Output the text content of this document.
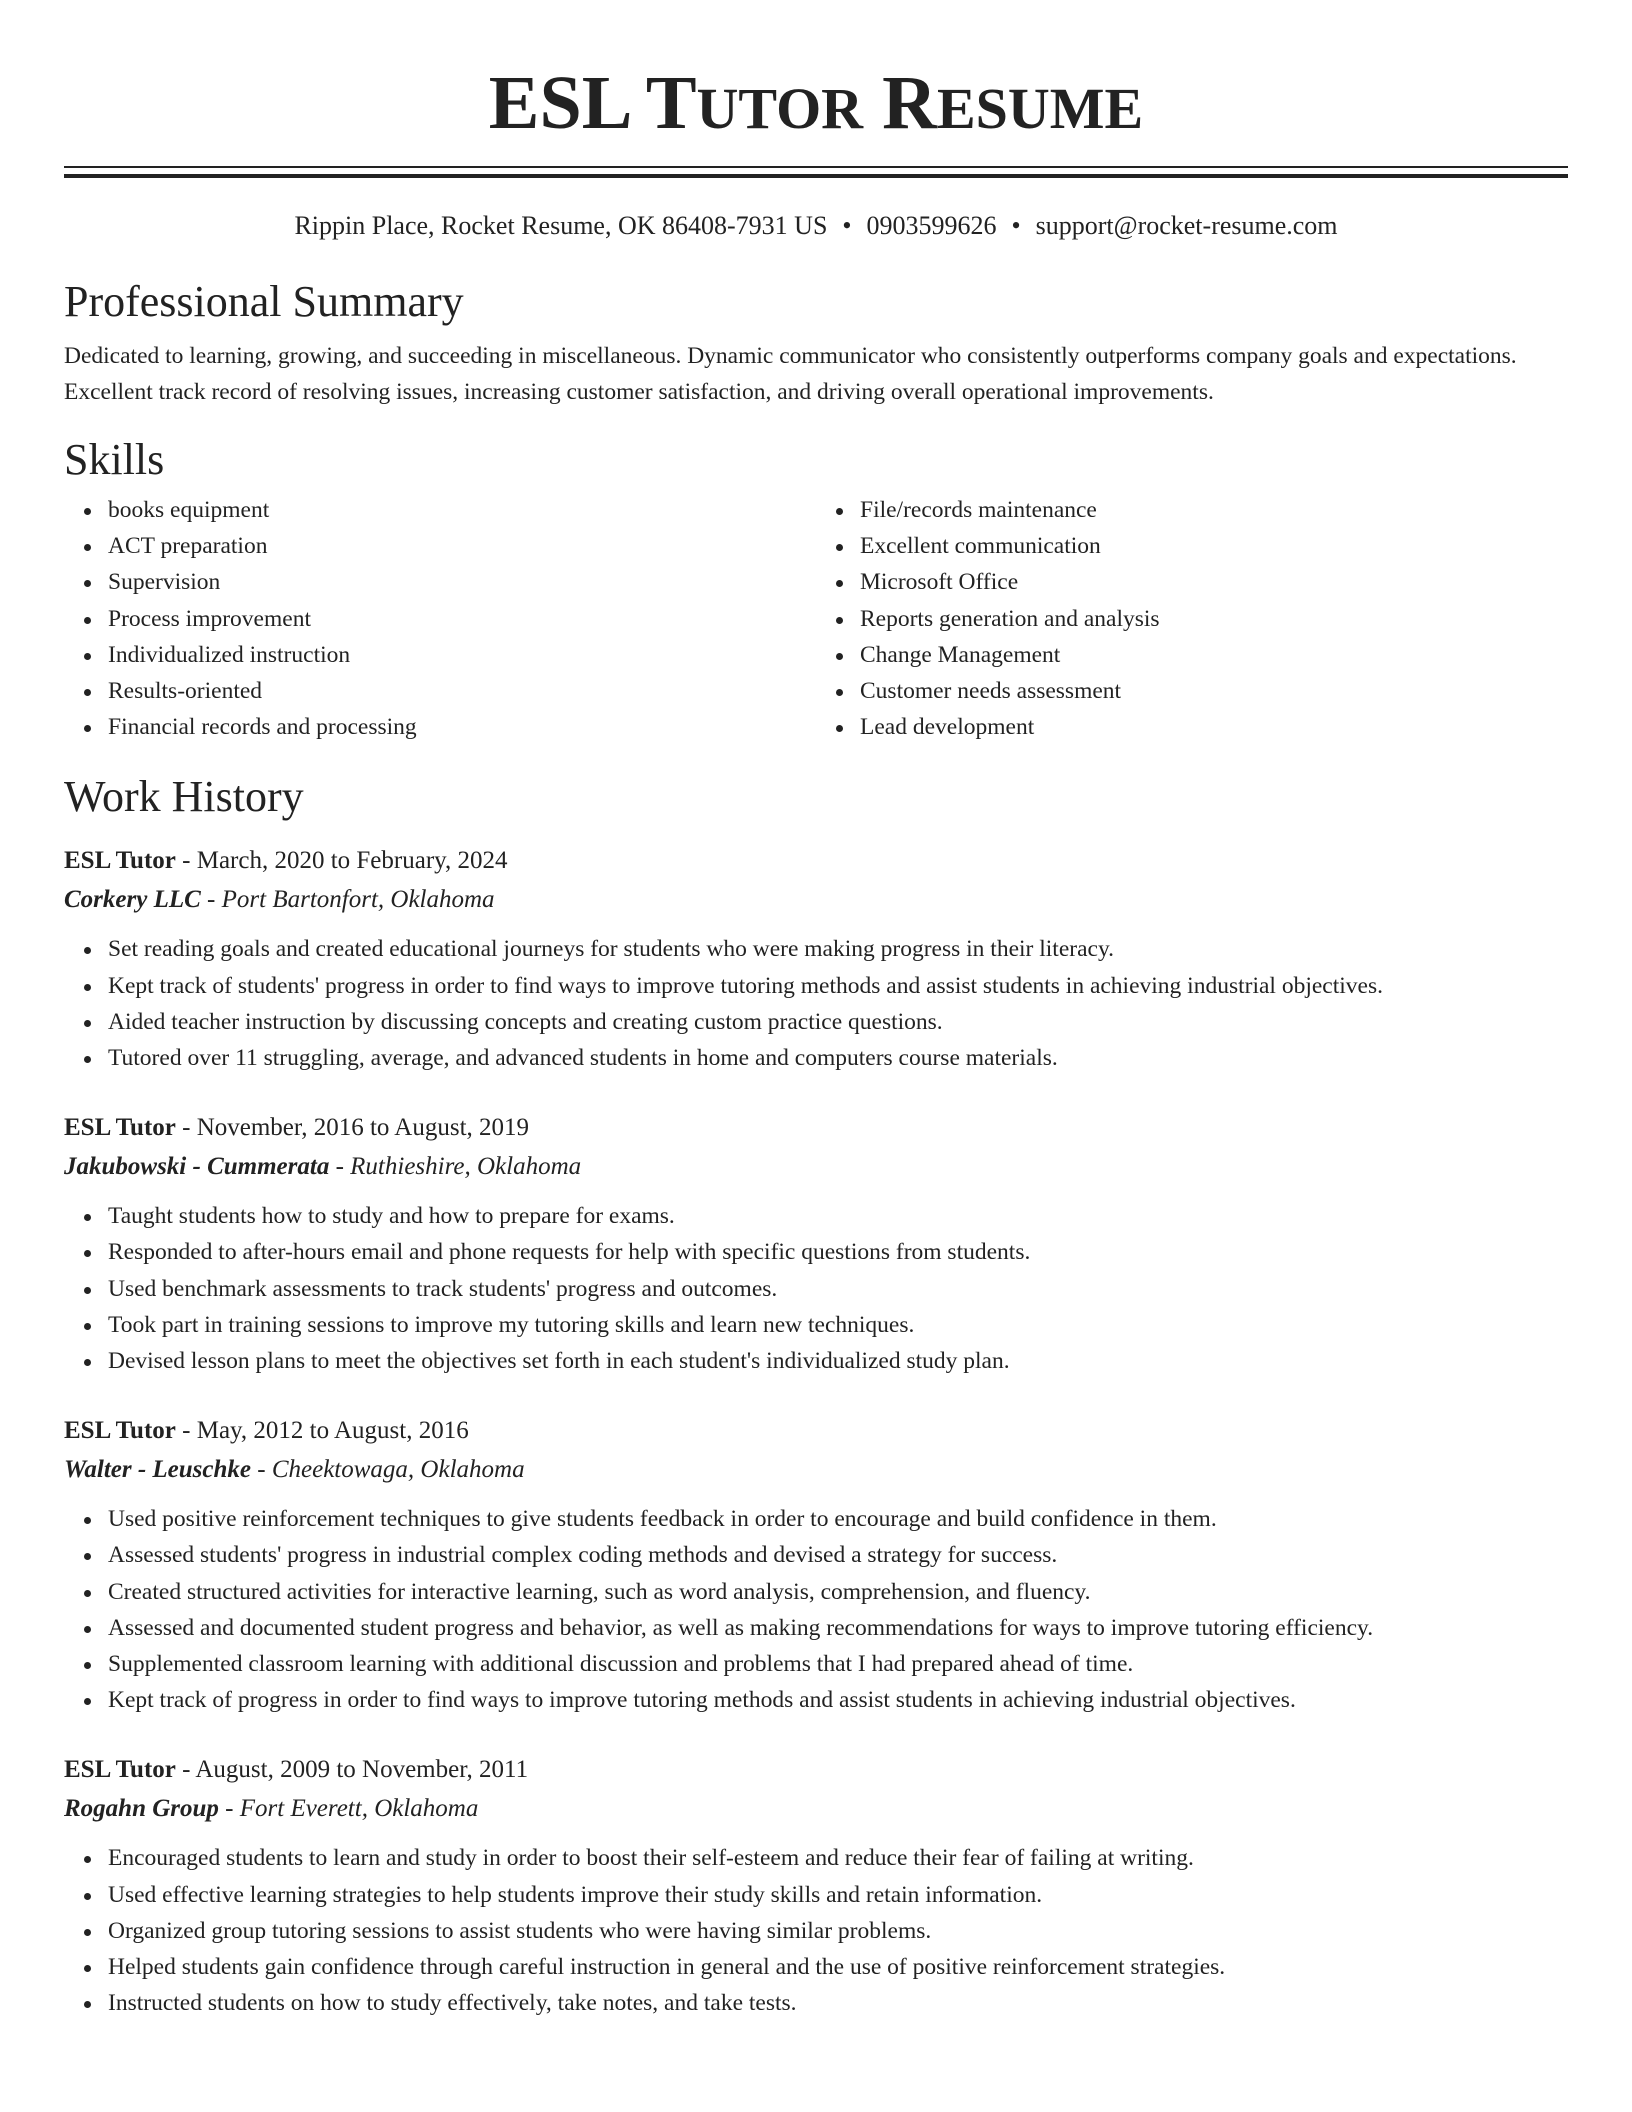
ESL TUTOR RESUME
Rippin Place, Rocket Resume, OK 86408-7931 US • 0903599626 • support@rocket-resume.com
Professional Summary
Dedicated to learning, growing, and succeeding in miscellaneous. Dynamic communicator who consistently outperforms company goals and expectations. Excellent track record of resolving issues, increasing customer satisfaction, and driving overall operational improvements.
Skills
books equipment
ACT preparation
Supervision
Process improvement
Individualized instruction
Results-oriented
Financial records and processing
File/records maintenance
Excellent communication
Microsoft Office
Reports generation and analysis
Change Management
Customer needs assessment
Lead development
Work History
ESL Tutor - March, 2020 to February, 2024
Corkery LLC - Port Bartonfort, Oklahoma
Set reading goals and created educational journeys for students who were making progress in their literacy.
Kept track of students' progress in order to find ways to improve tutoring methods and assist students in achieving industrial objectives.
Aided teacher instruction by discussing concepts and creating custom practice questions.
Tutored over 11 struggling, average, and advanced students in home and computers course materials.
ESL Tutor - November, 2016 to August, 2019
Jakubowski - Cummerata - Ruthieshire, Oklahoma
Taught students how to study and how to prepare for exams.
Responded to after-hours email and phone requests for help with specific questions from students.
Used benchmark assessments to track students' progress and outcomes.
Took part in training sessions to improve my tutoring skills and learn new techniques.
Devised lesson plans to meet the objectives set forth in each student's individualized study plan.
ESL Tutor - May, 2012 to August, 2016
Walter - Leuschke - Cheektowaga, Oklahoma
Used positive reinforcement techniques to give students feedback in order to encourage and build confidence in them.
Assessed students' progress in industrial complex coding methods and devised a strategy for success.
Created structured activities for interactive learning, such as word analysis, comprehension, and fluency.
Assessed and documented student progress and behavior, as well as making recommendations for ways to improve tutoring efficiency.
Supplemented classroom learning with additional discussion and problems that I had prepared ahead of time.
Kept track of progress in order to find ways to improve tutoring methods and assist students in achieving industrial objectives.
ESL Tutor - August, 2009 to November, 2011
Rogahn Group - Fort Everett, Oklahoma
Encouraged students to learn and study in order to boost their self-esteem and reduce their fear of failing at writing.
Used effective learning strategies to help students improve their study skills and retain information.
Organized group tutoring sessions to assist students who were having similar problems.
Helped students gain confidence through careful instruction in general and the use of positive reinforcement strategies.
Instructed students on how to study effectively, take notes, and take tests.
